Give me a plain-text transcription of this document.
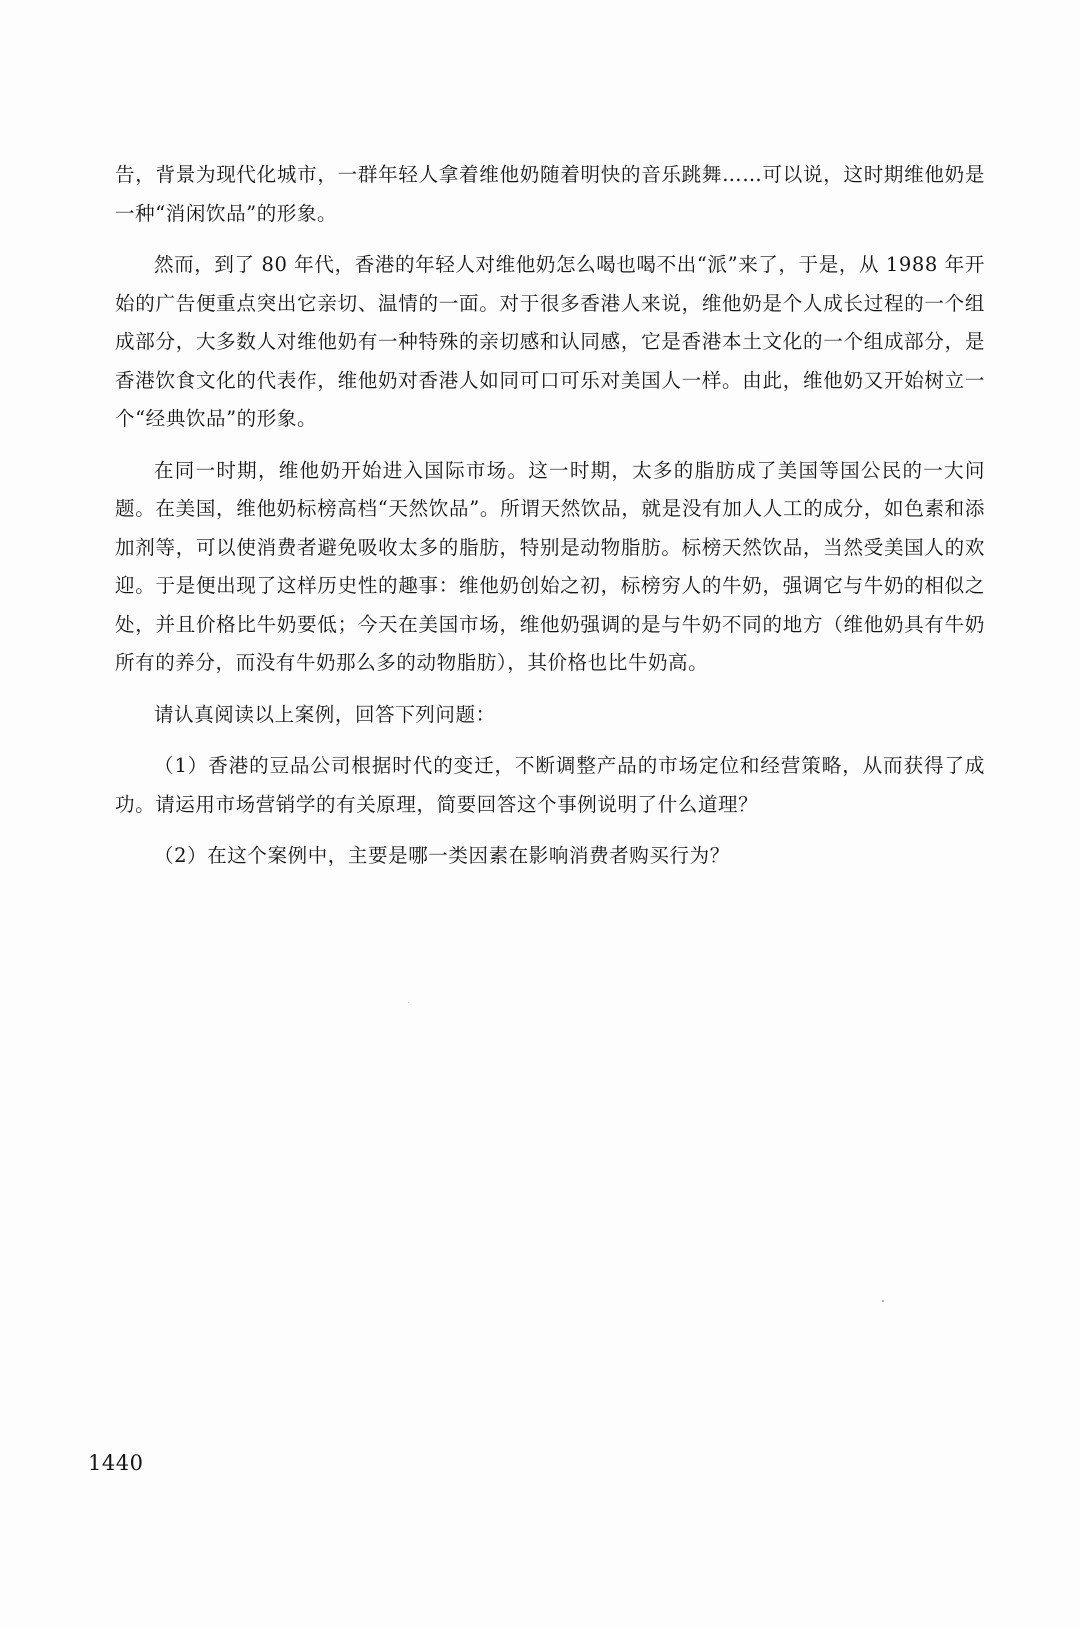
告，背景为现代化城市，一群年轻人拿着维他奶随着明快的音乐跳舞……可以说，这时期维他奶是一种“消闲饮品”的形象。

然而，到了 80 年代，香港的年轻人对维他奶怎么喝也喝不出“派”来了，于是，从 1988 年开始的广告便重点突出它亲切、温情的一面。对于很多香港人来说，维他奶是个人成长过程的一个组成部分，大多数人对维他奶有一种特殊的亲切感和认同感，它是香港本土文化的一个组成部分，是香港饮食文化的代表作，维他奶对香港人如同可口可乐对美国人一样。由此，维他奶又开始树立一个“经典饮品”的形象。

在同一时期，维他奶开始进入国际市场。这一时期，太多的脂肪成了美国等国公民的一大问题。在美国，维他奶标榜高档“天然饮品”。所谓天然饮品，就是没有加人人工的成分，如色素和添加剂等，可以使消费者避免吸收太多的脂肪，特别是动物脂肪。标榜天然饮品，当然受美国人的欢迎。于是便出现了这样历史性的趣事：维他奶创始之初，标榜穷人的牛奶，强调它与牛奶的相似之处，并且价格比牛奶要低；今天在美国市场，维他奶强调的是与牛奶不同的地方（维他奶具有牛奶所有的养分，而没有牛奶那么多的动物脂肪），其价格也比牛奶高。

请认真阅读以上案例，回答下列问题：

（1）香港的豆品公司根据时代的变迁，不断调整产品的市场定位和经营策略，从而获得了成功。请运用市场营销学的有关原理，简要回答这个事例说明了什么道理？

（2）在这个案例中，主要是哪一类因素在影响消费者购买行为？

1440
